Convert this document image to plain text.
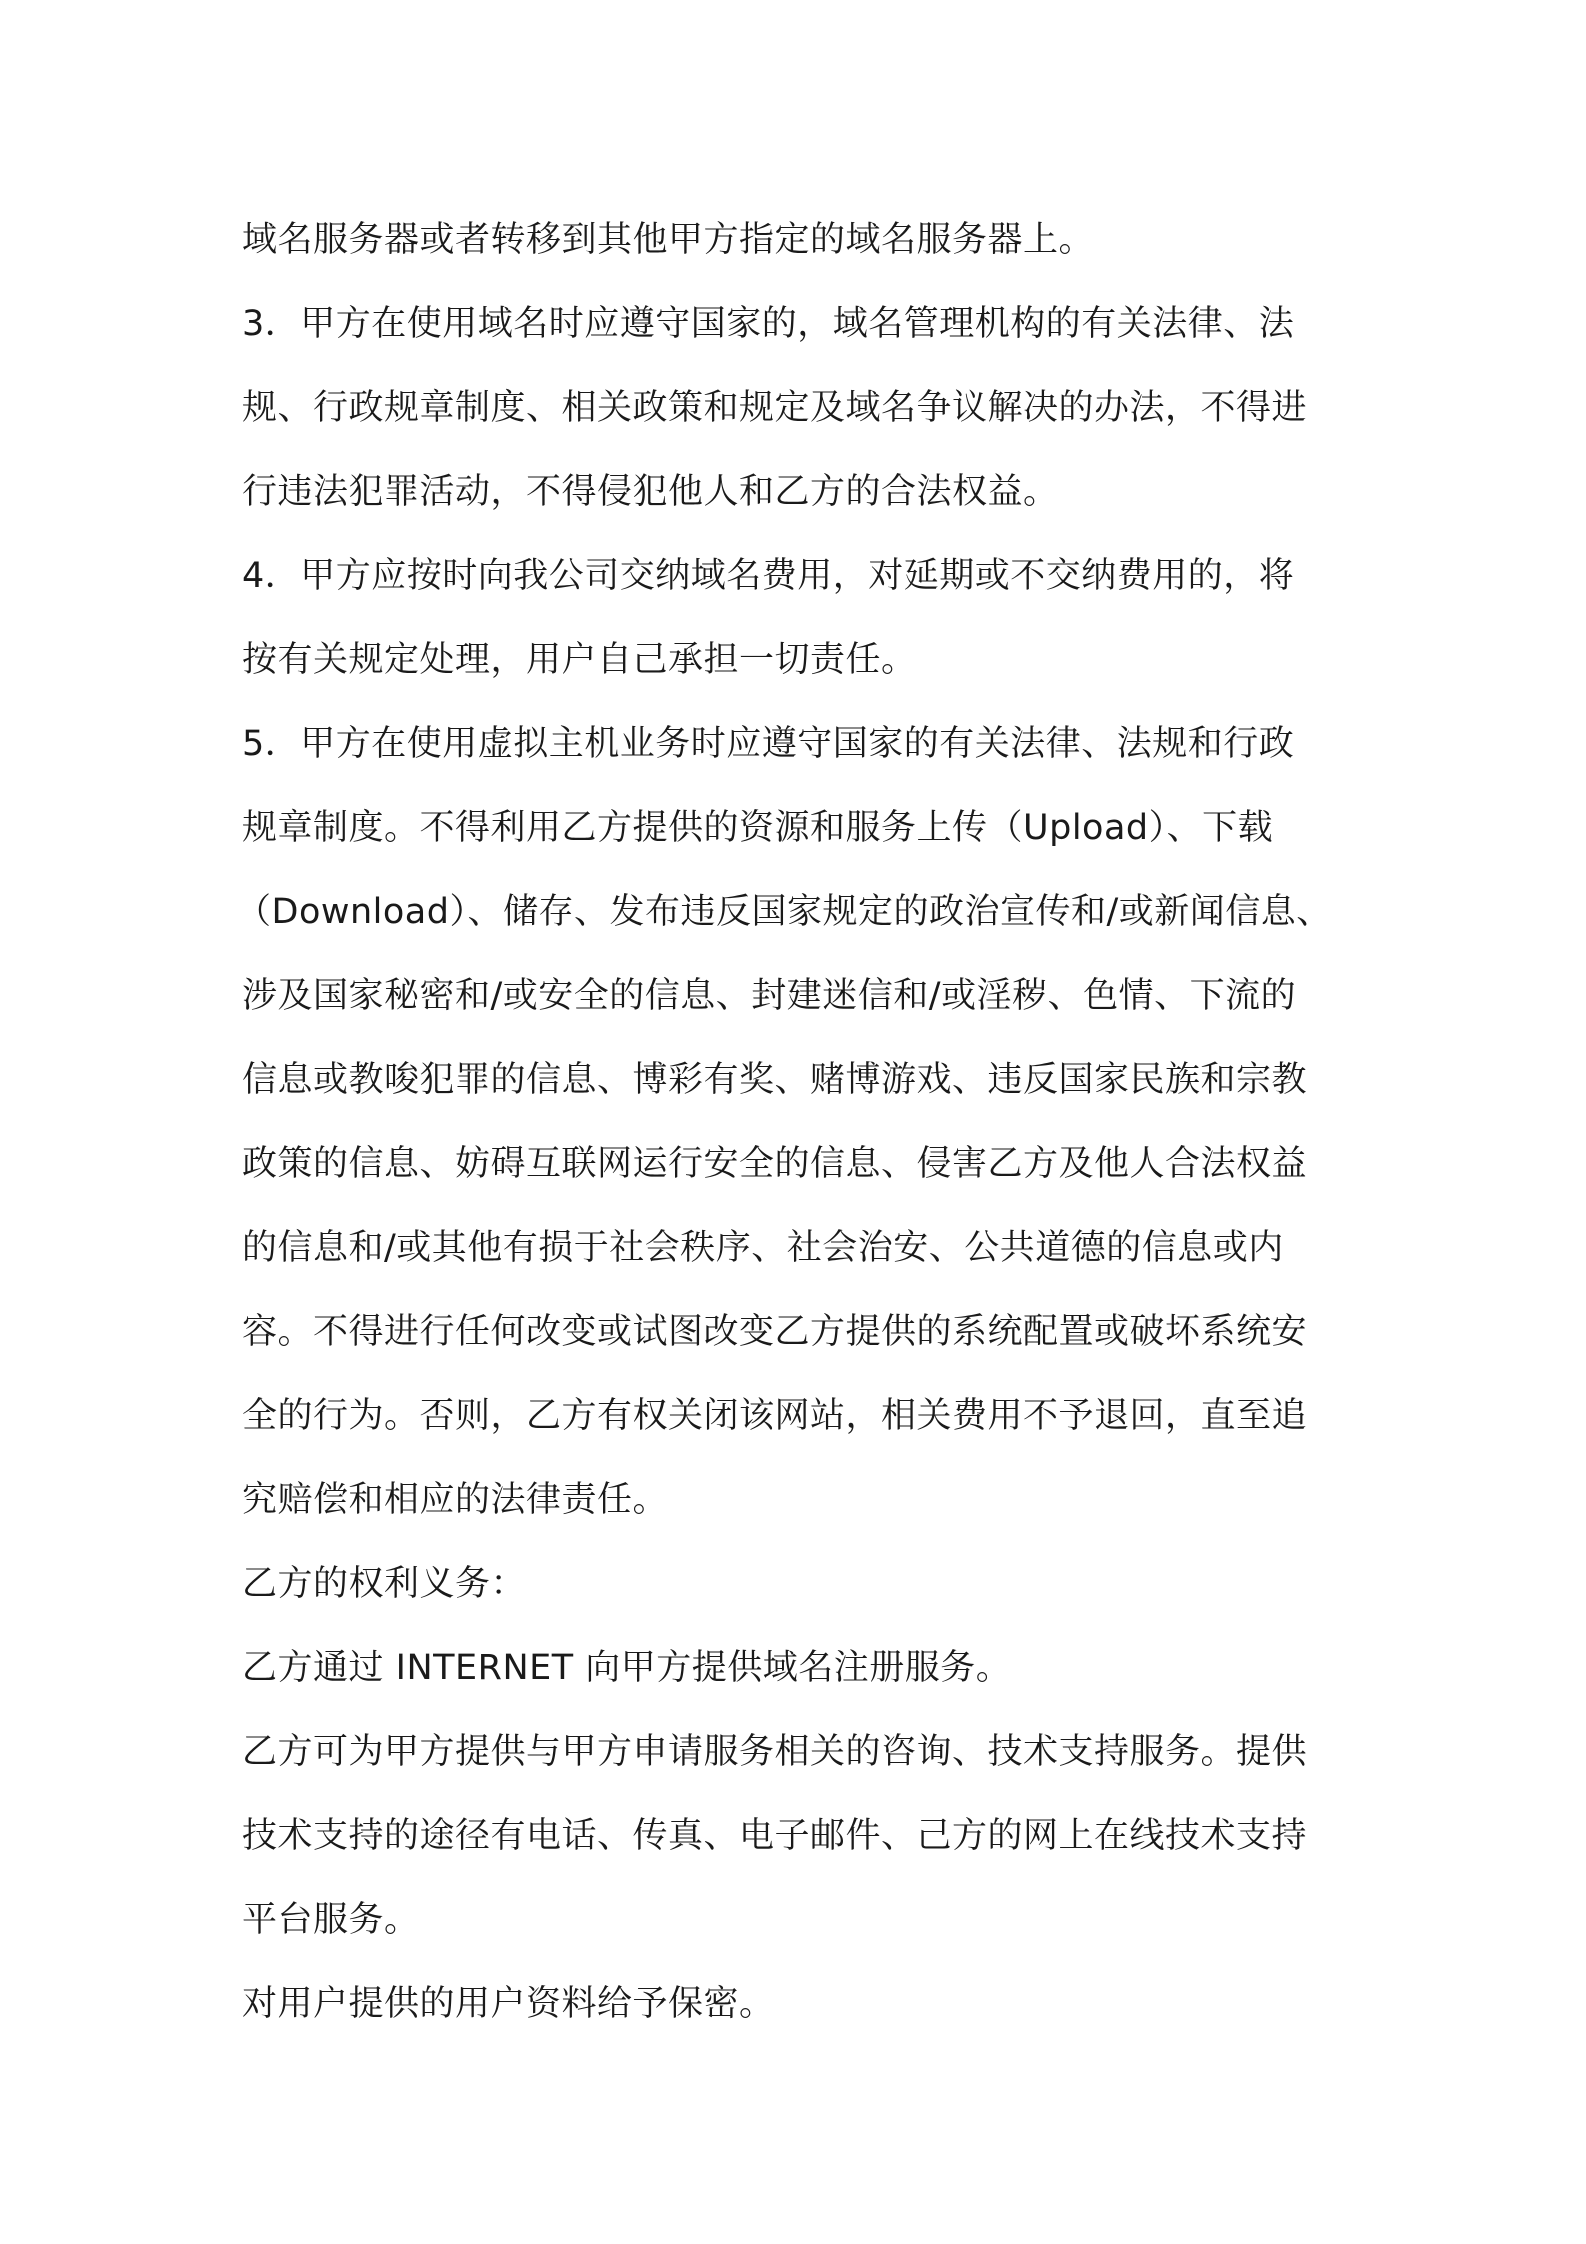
域名服务器或者转移到其他甲方指定的域名服务器上。
3．甲方在使用域名时应遵守国家的，域名管理机构的有关法律、法
规、行政规章制度、相关政策和规定及域名争议解决的办法，不得进
行违法犯罪活动，不得侵犯他人和乙方的合法权益。
4．甲方应按时向我公司交纳域名费用，对延期或不交纳费用的，将
按有关规定处理，用户自己承担一切责任。
5．甲方在使用虚拟主机业务时应遵守国家的有关法律、法规和行政
规章制度。不得利用乙方提供的资源和服务上传（Upload）、下载
（Download）、储存、发布违反国家规定的政治宣传和/或新闻信息、
涉及国家秘密和/或安全的信息、封建迷信和/或淫秽、色情、下流的
信息或教唆犯罪的信息、博彩有奖、赌博游戏、违反国家民族和宗教
政策的信息、妨碍互联网运行安全的信息、侵害乙方及他人合法权益
的信息和/或其他有损于社会秩序、社会治安、公共道德的信息或内
容。不得进行任何改变或试图改变乙方提供的系统配置或破坏系统安
全的行为。否则，乙方有权关闭该网站，相关费用不予退回，直至追
究赔偿和相应的法律责任。
乙方的权利义务：
乙方通过 INTERNET 向甲方提供域名注册服务。
乙方可为甲方提供与甲方申请服务相关的咨询、技术支持服务。提供
技术支持的途径有电话、传真、电子邮件、己方的网上在线技术支持
平台服务。
对用户提供的用户资料给予保密。
